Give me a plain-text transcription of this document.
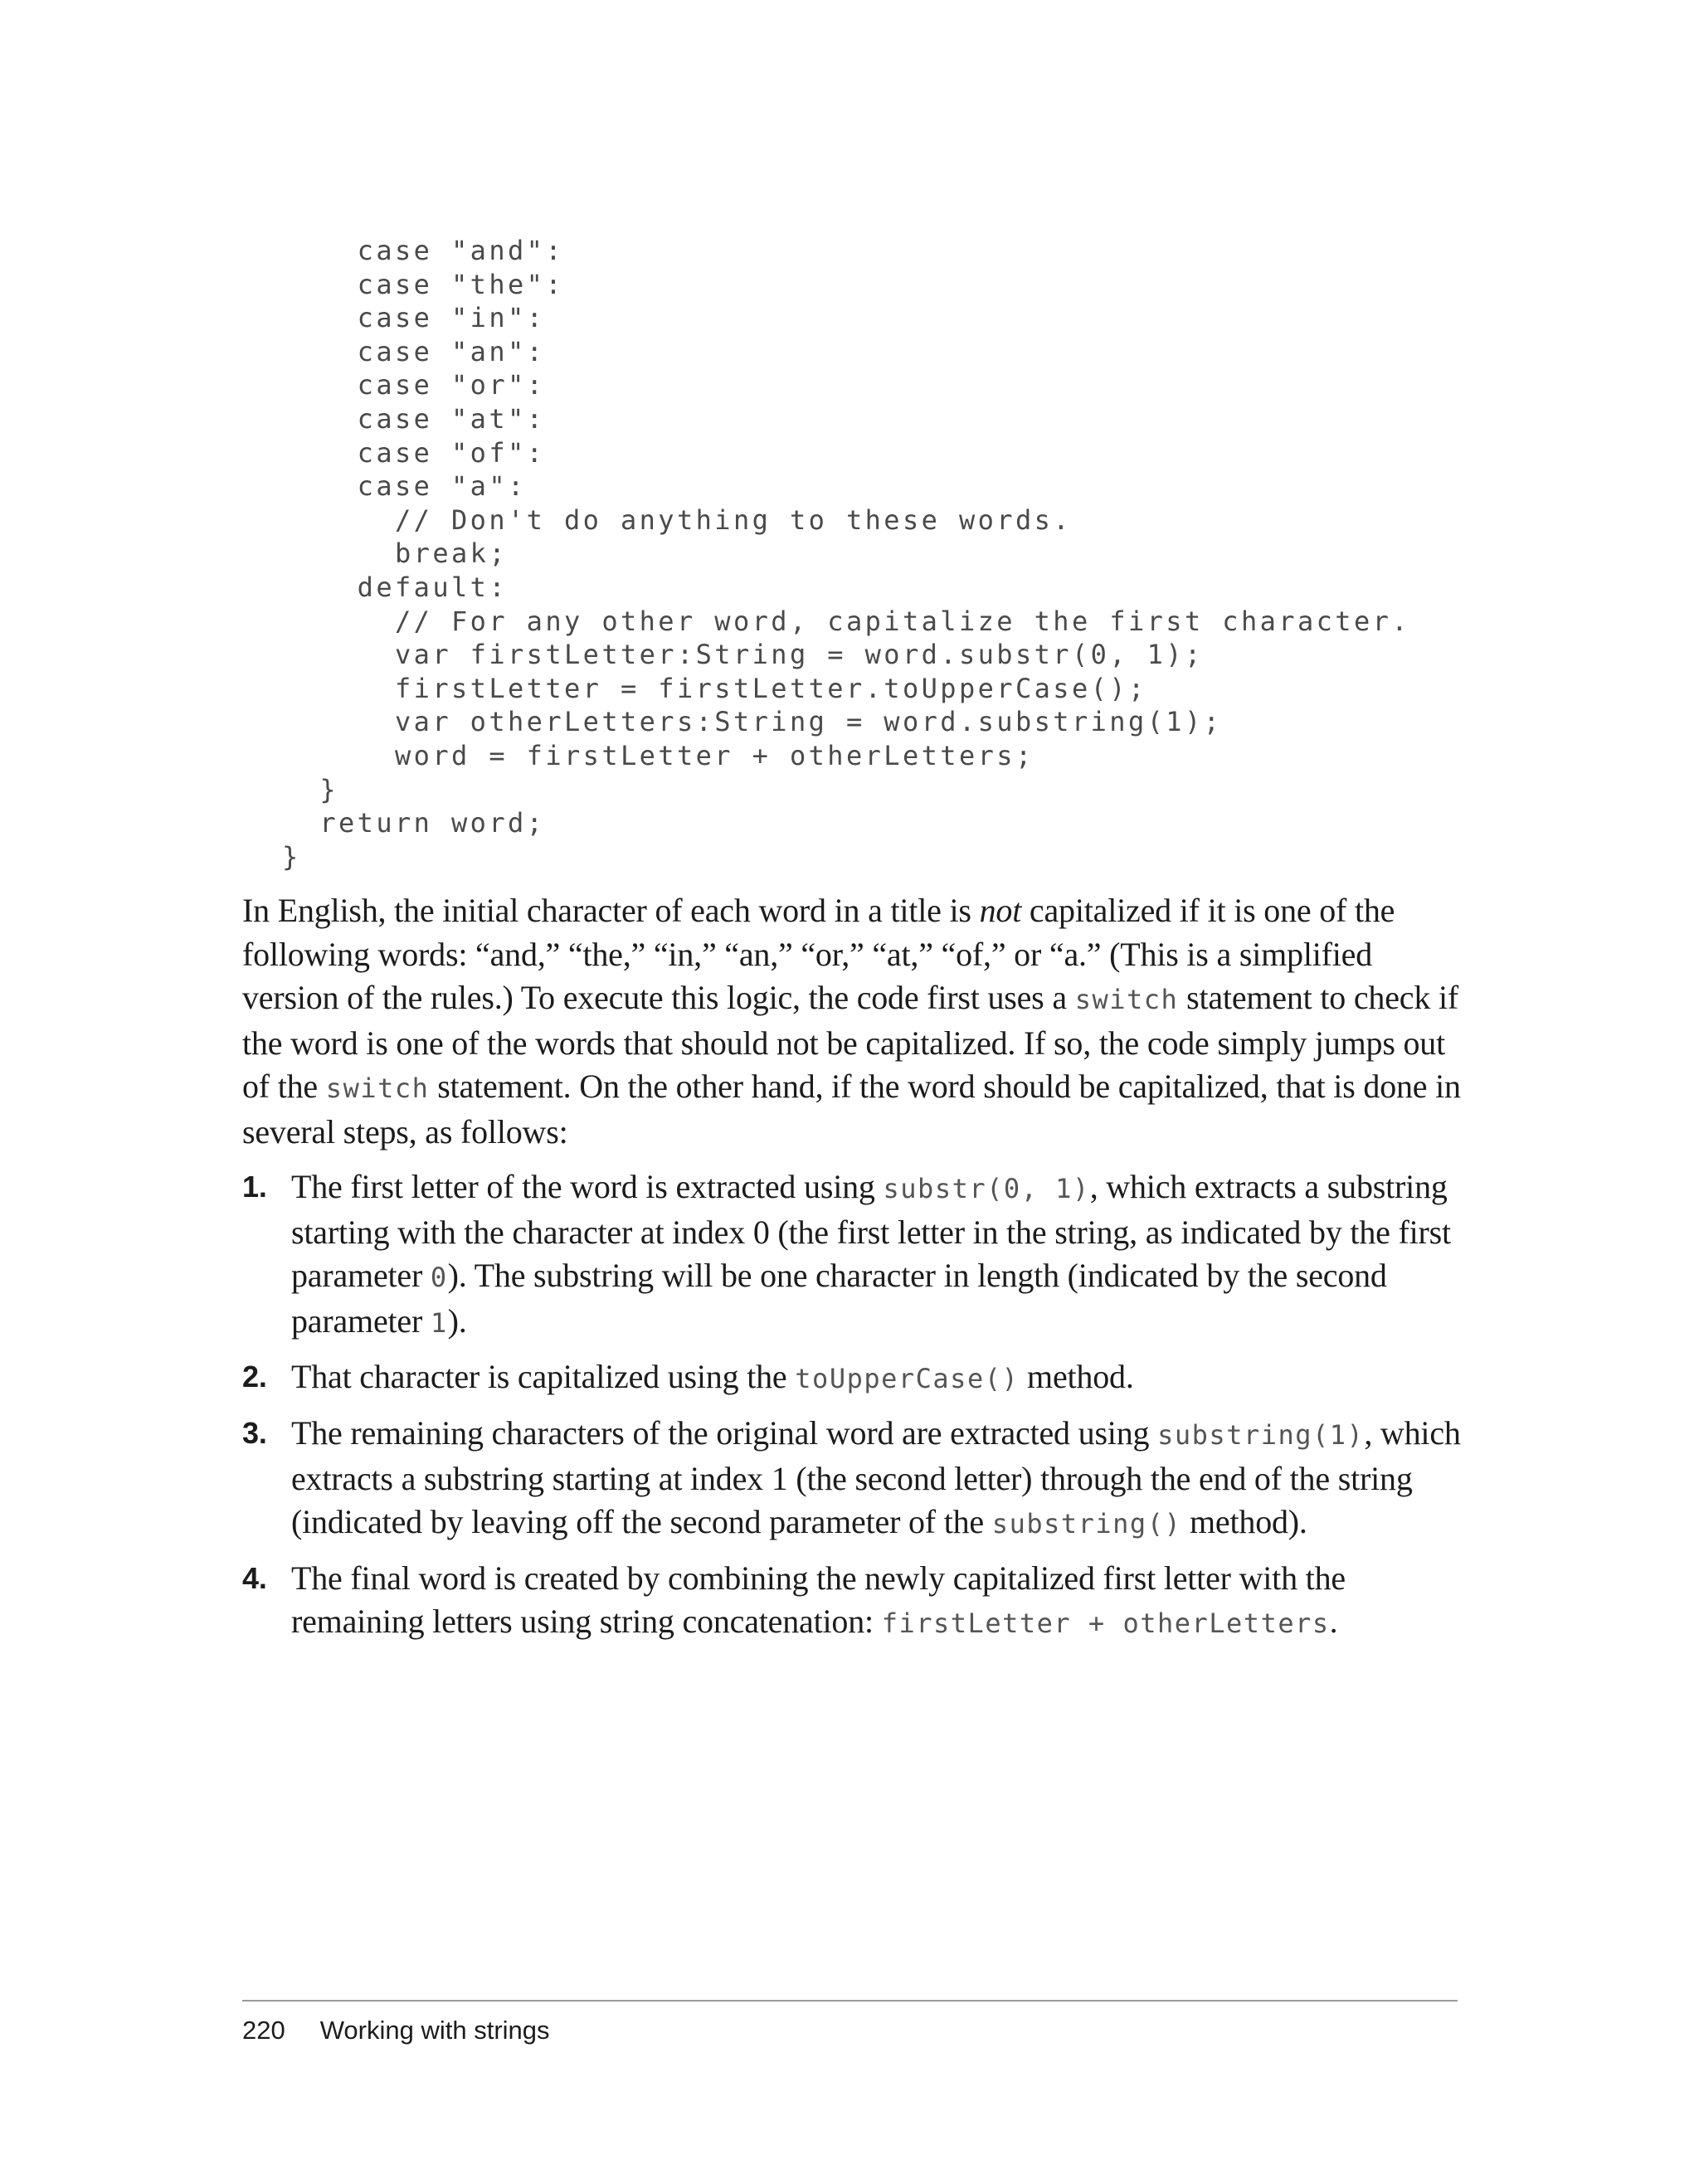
case "and":
case "the":
case "in":
case "an":
case "or":
case "at":
case "of":
case "a":
// Don't do anything to these words.
break;
default:
// For any other word, capitalize the first character.
var firstLetter:String = word.substr(0, 1);
firstLetter = firstLetter.toUpperCase();
var otherLetters:String = word.substring(1);
word = firstLetter + otherLetters;
}
return word;
}

In English, the initial character of each word in a title is not capitalized if it is one of the following words: “and,” “the,” “in,” “an,” “or,” “at,” “of,” or “a.” (This is a simplified version of the rules.) To execute this logic, the code first uses a switch statement to check if the word is one of the words that should not be capitalized. If so, the code simply jumps out of the switch statement. On the other hand, if the word should be capitalized, that is done in several steps, as follows:

1. The first letter of the word is extracted using substr(0, 1), which extracts a substring starting with the character at index 0 (the first letter in the string, as indicated by the first parameter 0). The substring will be one character in length (indicated by the second parameter 1).
2. That character is capitalized using the toUpperCase() method.
3. The remaining characters of the original word are extracted using substring(1), which extracts a substring starting at index 1 (the second letter) through the end of the string (indicated by leaving off the second parameter of the substring() method).
4. The final word is created by combining the newly capitalized first letter with the remaining letters using string concatenation: firstLetter + otherLetters.
220 Working with strings
